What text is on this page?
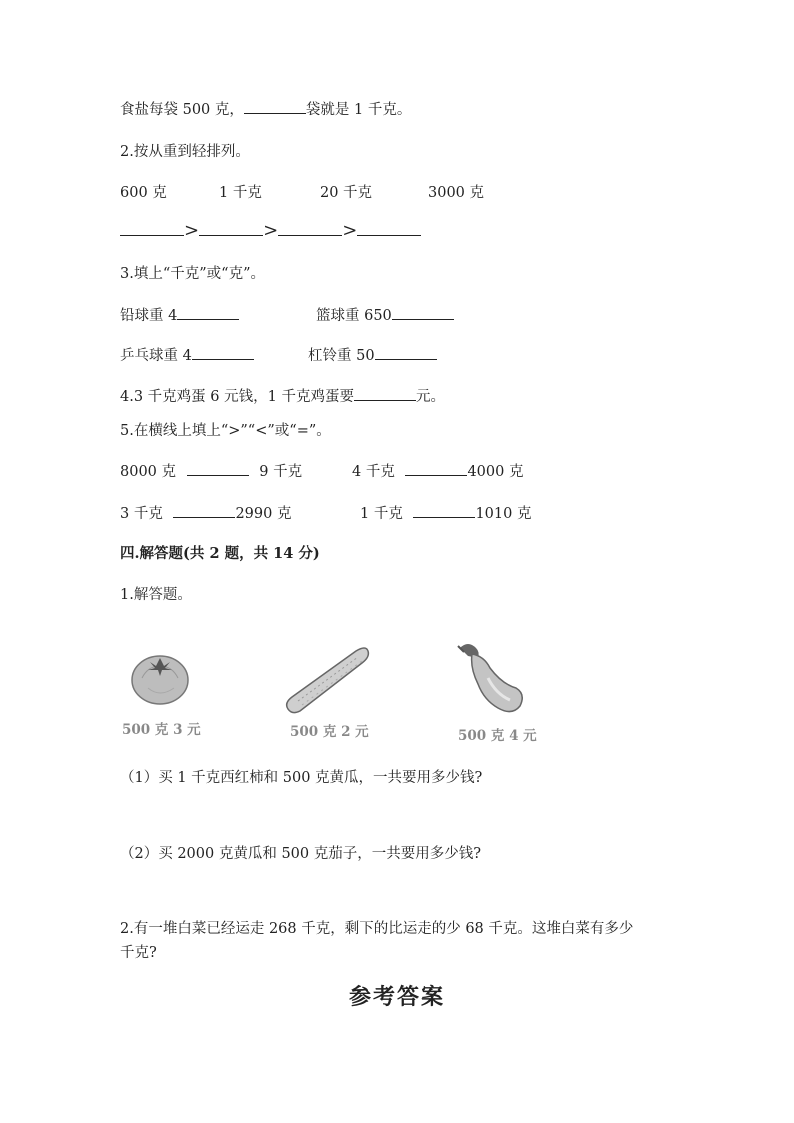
食盐每袋 500 克，	袋就是 1 千克。
2.按从重到轻排列。
600 克	1 千克	20 千克	3000 克
>	>	>
3.填上“千克”或“克”。
铅球重 4	篮球重 650
乒乓球重 4	杠铃重 50
4.3 千克鸡蛋 6 元钱，1 千克鸡蛋要	元。
5.在横线上填上“>”“<”或“=”。
8000 克	9 千克	4 千克	4000 克
3 千克	2990 克	1 千克	1010 克
四.解答题(共 2 题，共 14 分)
1.解答题。
500 克 3 元	500 克 2 元	500 克 4 元
（1）买 1 千克西红柿和 500 克黄瓜，一共要用多少钱?
（2）买 2000 克黄瓜和 500 克茄子，一共要用多少钱?
2.有一堆白菜已经运走 268 千克，剩下的比运走的少 68 千克。这堆白菜有多少
千克?
参考答案
